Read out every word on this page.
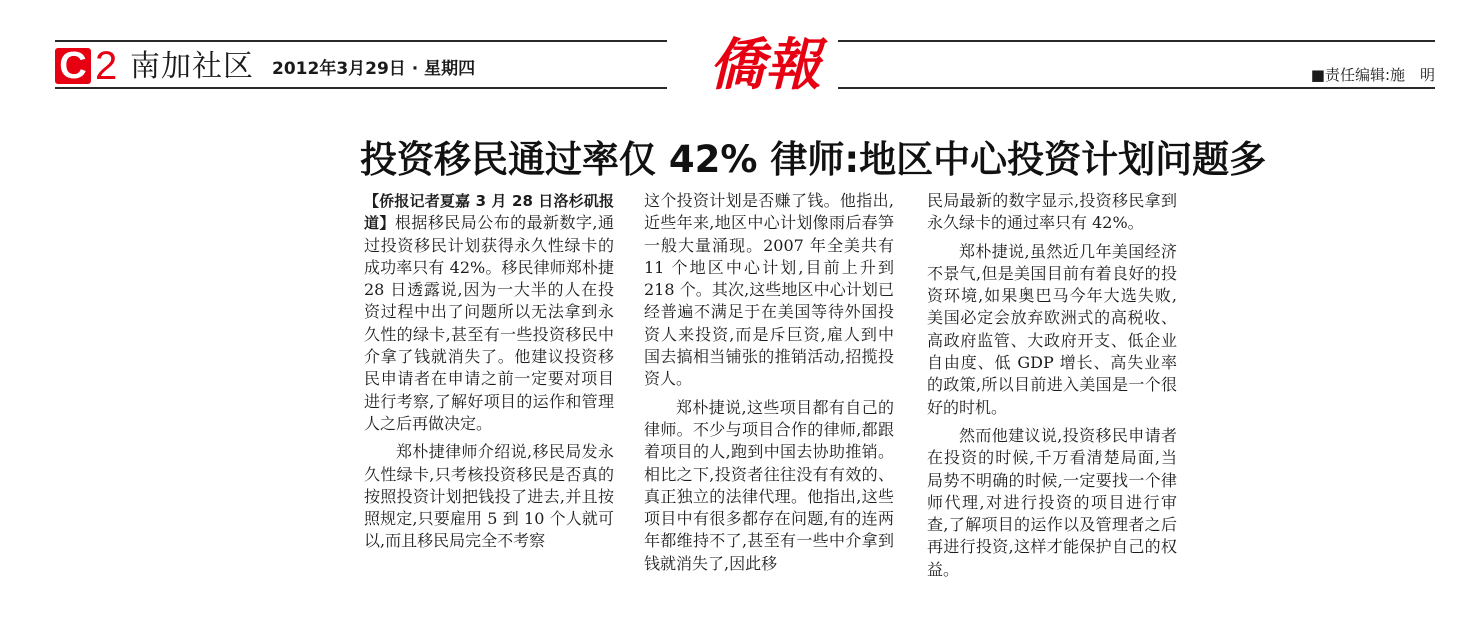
C 2 南加社区 2012年3月29日 · 星期四	僑報	■责任编辑:施　明
投资移民通过率仅 42% 律师:地区中心投资计划问题多

【侨报记者夏嘉 3 月 28 日洛杉矶报道】根据移民局公布的最新数字,通过投资移民计划获得永久性绿卡的成功率只有 42%。移民律师郑朴捷 28 日透露说,因为一大半的人在投资过程中出了问题所以无法拿到永久性的绿卡,甚至有一些投资移民中介拿了钱就消失了。他建议投资移民申请者在申请之前一定要对项目进行考察,了解好项目的运作和管理人之后再做决定。

郑朴捷律师介绍说,移民局发永久性绿卡,只考核投资移民是否真的按照投资计划把钱投了进去,并且按照规定,只要雇用 5 到 10 个人就可以,而且移民局完全不考察

这个投资计划是否赚了钱。他指出,近些年来,地区中心计划像雨后春笋一般大量涌现。2007 年全美共有 11 个地区中心计划,目前上升到 218 个。其次,这些地区中心计划已经普遍不满足于在美国等待外国投资人来投资,而是斥巨资,雇人到中国去搞相当铺张的推销活动,招揽投资人。

郑朴捷说,这些项目都有自己的律师。不少与项目合作的律师,都跟着项目的人,跑到中国去协助推销。相比之下,投资者往往没有有效的、真正独立的法律代理。他指出,这些项目中有很多都存在问题,有的连两年都维持不了,甚至有一些中介拿到钱就消失了,因此移

民局最新的数字显示,投资移民拿到永久绿卡的通过率只有 42%。

郑朴捷说,虽然近几年美国经济不景气,但是美国目前有着良好的投资环境,如果奥巴马今年大选失败,美国必定会放弃欧洲式的高税收、高政府监管、大政府开支、低企业自由度、低 GDP 增长、高失业率的政策,所以目前进入美国是一个很好的时机。

然而他建议说,投资移民申请者在投资的时候,千万看清楚局面,当局势不明确的时候,一定要找一个律师代理,对进行投资的项目进行审查,了解项目的运作以及管理者之后再进行投资,这样才能保护自己的权益。
